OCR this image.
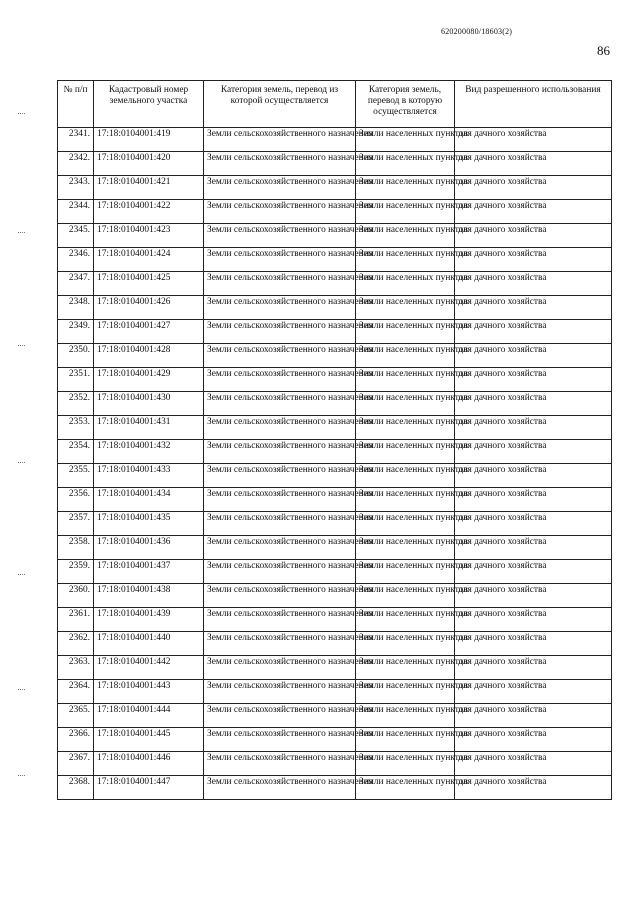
620200080/18603(2)
86
№ п/п	Кадастровый номер земельного участка	Категория земель, перевод из которой осуществляется	Категория земель, перевод в которую осуществляется	Вид разрешенного использования
2341.	17:18:0104001:419	Земли сельскохозяйственного назначения	Земли населенных пунктов	для дачного хозяйства
2342.	17:18:0104001:420	Земли сельскохозяйственного назначения	Земли населенных пунктов	для дачного хозяйства
2343.	17:18:0104001:421	Земли сельскохозяйственного назначения	Земли населенных пунктов	для дачного хозяйства
2344.	17:18:0104001:422	Земли сельскохозяйственного назначения	Земли населенных пунктов	для дачного хозяйства
2345.	17:18:0104001:423	Земли сельскохозяйственного назначения	Земли населенных пунктов	для дачного хозяйства
2346.	17:18:0104001:424	Земли сельскохозяйственного назначения	Земли населенных пунктов	для дачного хозяйства
2347.	17:18:0104001:425	Земли сельскохозяйственного назначения	Земли населенных пунктов	для дачного хозяйства
2348.	17:18:0104001:426	Земли сельскохозяйственного назначения	Земли населенных пунктов	для дачного хозяйства
2349.	17:18:0104001:427	Земли сельскохозяйственного назначения	Земли населенных пунктов	для дачного хозяйства
2350.	17:18:0104001:428	Земли сельскохозяйственного назначения	Земли населенных пунктов	для дачного хозяйства
2351.	17:18:0104001:429	Земли сельскохозяйственного назначения	Земли населенных пунктов	для дачного хозяйства
2352.	17:18:0104001:430	Земли сельскохозяйственного назначения	Земли населенных пунктов	для дачного хозяйства
2353.	17:18:0104001:431	Земли сельскохозяйственного назначения	Земли населенных пунктов	для дачного хозяйства
2354.	17:18:0104001:432	Земли сельскохозяйственного назначения	Земли населенных пунктов	для дачного хозяйства
2355.	17:18:0104001:433	Земли сельскохозяйственного назначения	Земли населенных пунктов	для дачного хозяйства
2356.	17:18:0104001:434	Земли сельскохозяйственного назначения	Земли населенных пунктов	для дачного хозяйства
2357.	17:18:0104001:435	Земли сельскохозяйственного назначения	Земли населенных пунктов	для дачного хозяйства
2358.	17:18:0104001:436	Земли сельскохозяйственного назначения	Земли населенных пунктов	для дачного хозяйства
2359.	17:18:0104001:437	Земли сельскохозяйственного назначения	Земли населенных пунктов	для дачного хозяйства
2360.	17:18:0104001:438	Земли сельскохозяйственного назначения	Земли населенных пунктов	для дачного хозяйства
2361.	17:18:0104001:439	Земли сельскохозяйственного назначения	Земли населенных пунктов	для дачного хозяйства
2362.	17:18:0104001:440	Земли сельскохозяйственного назначения	Земли населенных пунктов	для дачного хозяйства
2363.	17:18:0104001:442	Земли сельскохозяйственного назначения	Земли населенных пунктов	для дачного хозяйства
2364.	17:18:0104001:443	Земли сельскохозяйственного назначения	Земли населенных пунктов	для дачного хозяйства
2365.	17:18:0104001:444	Земли сельскохозяйственного назначения	Земли населенных пунктов	для дачного хозяйства
2366.	17:18:0104001:445	Земли сельскохозяйственного назначения	Земли населенных пунктов	для дачного хозяйства
2367.	17:18:0104001:446	Земли сельскохозяйственного назначения	Земли населенных пунктов	для дачного хозяйства
2368.	17:18:0104001:447	Земли сельскохозяйственного назначения	Земли населенных пунктов	для дачного хозяйства
